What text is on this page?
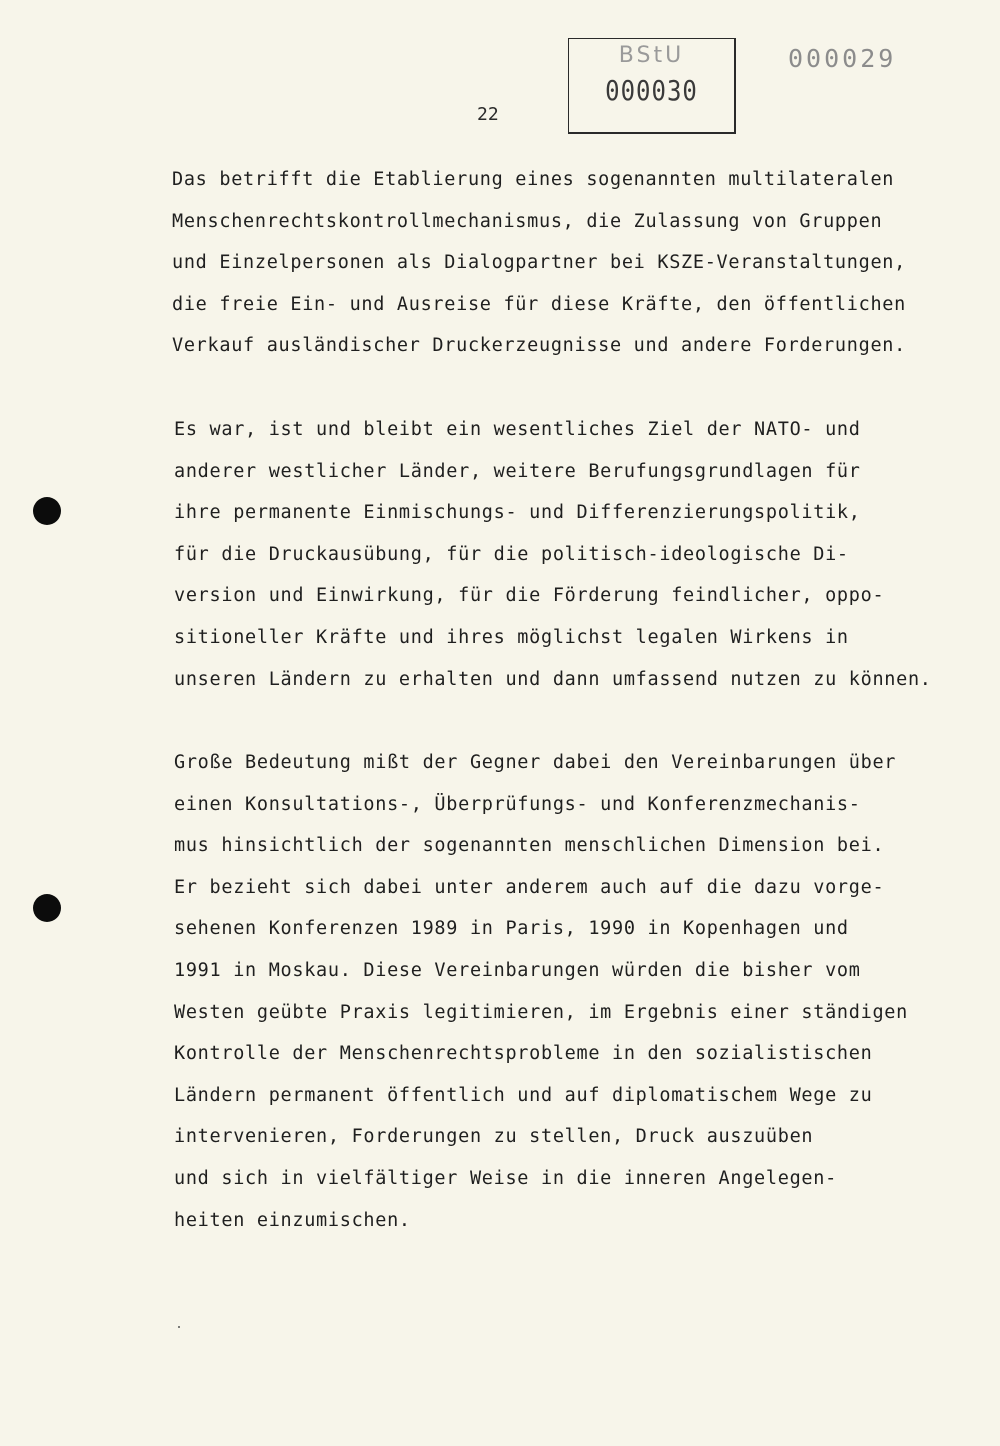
BStU
000030
000029
22
Das betrifft die Etablierung eines sogenannten multilateralen
Menschenrechtskontrollmechanismus, die Zulassung von Gruppen
und Einzelpersonen als Dialogpartner bei KSZE-Veranstaltungen,
die freie Ein- und Ausreise für diese Kräfte, den öffentlichen
Verkauf ausländischer Druckerzeugnisse und andere Forderungen.
Es war, ist und bleibt ein wesentliches Ziel der NATO- und
anderer westlicher Länder, weitere Berufungsgrundlagen für
ihre permanente Einmischungs- und Differenzierungspolitik,
für die Druckausübung, für die politisch-ideologische Di-
version und Einwirkung, für die Förderung feindlicher, oppo-
sitioneller Kräfte und ihres möglichst legalen Wirkens in
unseren Ländern zu erhalten und dann umfassend nutzen zu können.
Große Bedeutung mißt der Gegner dabei den Vereinbarungen über
einen Konsultations-, Überprüfungs- und Konferenzmechanis-
mus hinsichtlich der sogenannten menschlichen Dimension bei.
Er bezieht sich dabei unter anderem auch auf die dazu vorge-
sehenen Konferenzen 1989 in Paris, 1990 in Kopenhagen und
1991 in Moskau. Diese Vereinbarungen würden die bisher vom
Westen geübte Praxis legitimieren, im Ergebnis einer ständigen
Kontrolle der Menschenrechtsprobleme in den sozialistischen
Ländern permanent öffentlich und auf diplomatischem Wege zu
intervenieren, Forderungen zu stellen, Druck auszuüben
und sich in vielfältiger Weise in die inneren Angelegen-
heiten einzumischen.
